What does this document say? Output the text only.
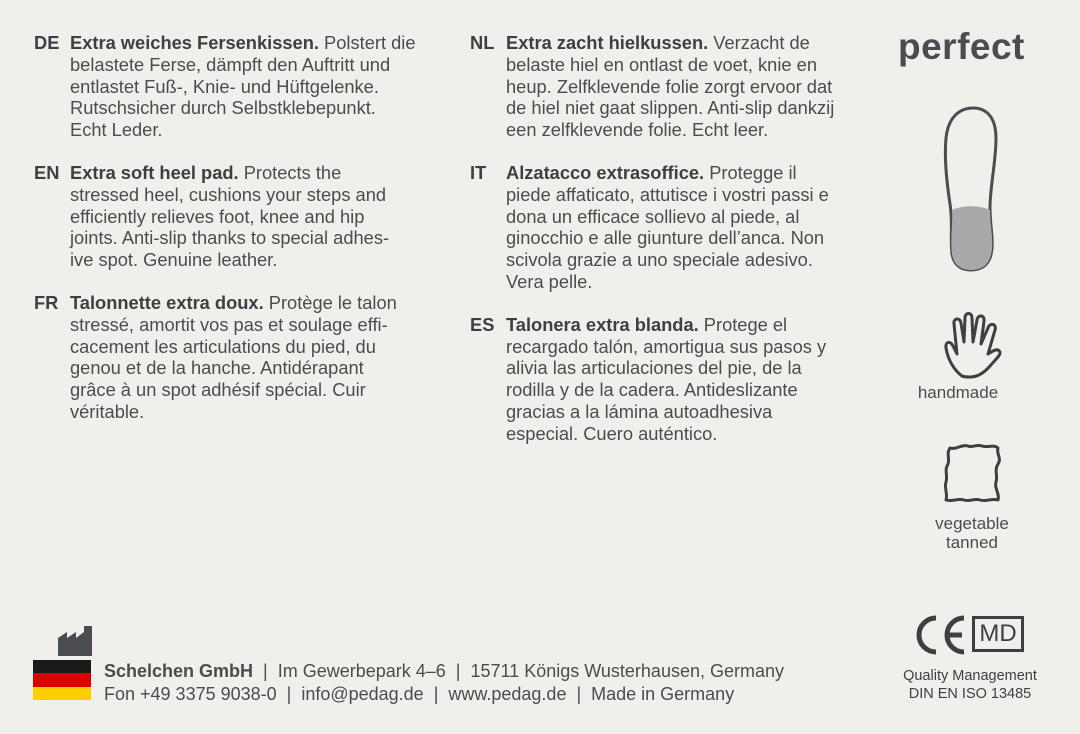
DE Extra weiches Fersenkissen. Polstert die
belastete Ferse, dämpft den Auftritt und
entlastet Fuß-, Knie- und Hüftgelenke.
Rutschsicher durch Selbstklebepunkt.
Echt Leder.
EN Extra soft heel pad. Protects the
stressed heel, cushions your steps and
efficiently relieves foot, knee and hip
joints. Anti-slip thanks to special adhes-
ive spot. Genuine leather.
FR Talonnette extra doux. Protège le talon
stressé, amortit vos pas et soulage effi-
cacement les articulations du pied, du
genou et de la hanche. Antidérapant
grâce à un spot adhésif spécial. Cuir
véritable.
NL Extra zacht hielkussen. Verzacht de
belaste hiel en ontlast de voet, knie en
heup. Zelfklevende folie zorgt ervoor dat
de hiel niet gaat slippen. Anti-slip dankzij
een zelfklevende folie. Echt leer.
IT Alzatacco extrasoffice. Protegge il
piede affaticato, attutisce i vostri passi e
dona un efficace sollievo al piede, al
ginocchio e alle giunture dell’anca. Non
scivola grazie a uno speciale adesivo.
Vera pelle.
ES Talonera extra blanda. Protege el
recargado talón, amortigua sus pasos y
alivia las articulaciones del pie, de la
rodilla y de la cadera. Antideslizante
gracias a la lámina autoadhesiva
especial. Cuero auténtico.
perfect
handmade
vegetable
tanned
MD
Quality Management
DIN EN ISO 13485
Schelchen GmbH  |  Im Gewerbepark 4–6  |  15711 Königs Wusterhausen, Germany
Fon +49 3375 9038-0  |  info@pedag.de  |  www.pedag.de  |  Made in Germany
